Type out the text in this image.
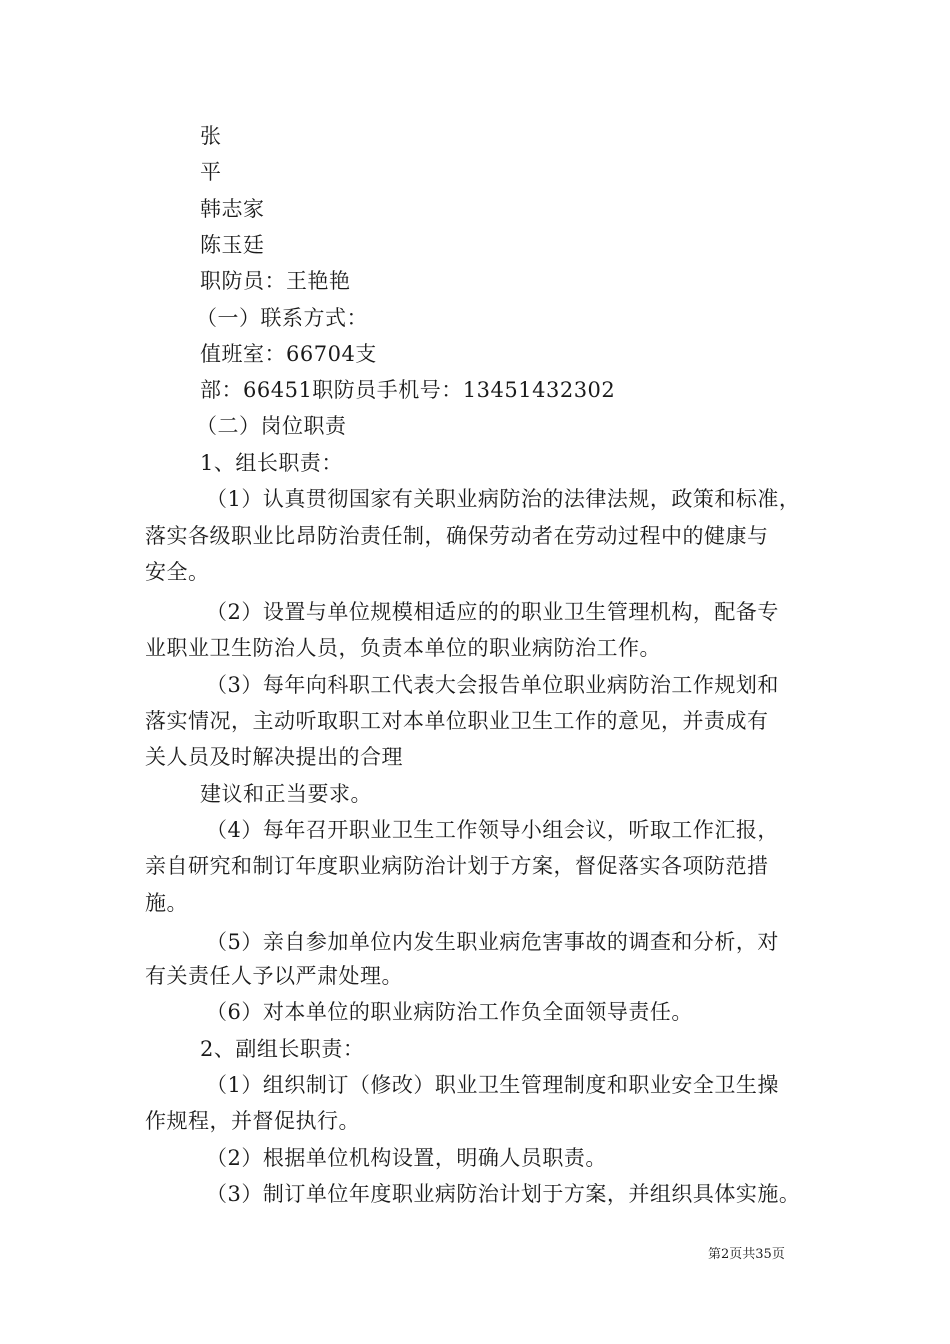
张
平
韩志家
陈玉廷
职防员：王艳艳
（一）联系方式：
值班室：66704支
部：66451职防员手机号：13451432302
（二）岗位职责
1、组长职责：
（1）认真贯彻国家有关职业病防治的法律法规，政策和标准，
落实各级职业比昂防治责任制，确保劳动者在劳动过程中的健康与
安全。
（2）设置与单位规模相适应的的职业卫生管理机构，配备专
业职业卫生防治人员，负责本单位的职业病防治工作。
（3）每年向科职工代表大会报告单位职业病防治工作规划和
落实情况，主动听取职工对本单位职业卫生工作的意见，并责成有
关人员及时解决提出的合理
建议和正当要求。
（4）每年召开职业卫生工作领导小组会议，听取工作汇报，
亲自研究和制订年度职业病防治计划于方案，督促落实各项防范措
施。
（5）亲自参加单位内发生职业病危害事故的调查和分析，对
有关责任人予以严肃处理。
（6）对本单位的职业病防治工作负全面领导责任。
2、副组长职责：
（1）组织制订（修改）职业卫生管理制度和职业安全卫生操
作规程，并督促执行。
（2）根据单位机构设置，明确人员职责。
（3）制订单位年度职业病防治计划于方案，并组织具体实施。
第2页共35页
